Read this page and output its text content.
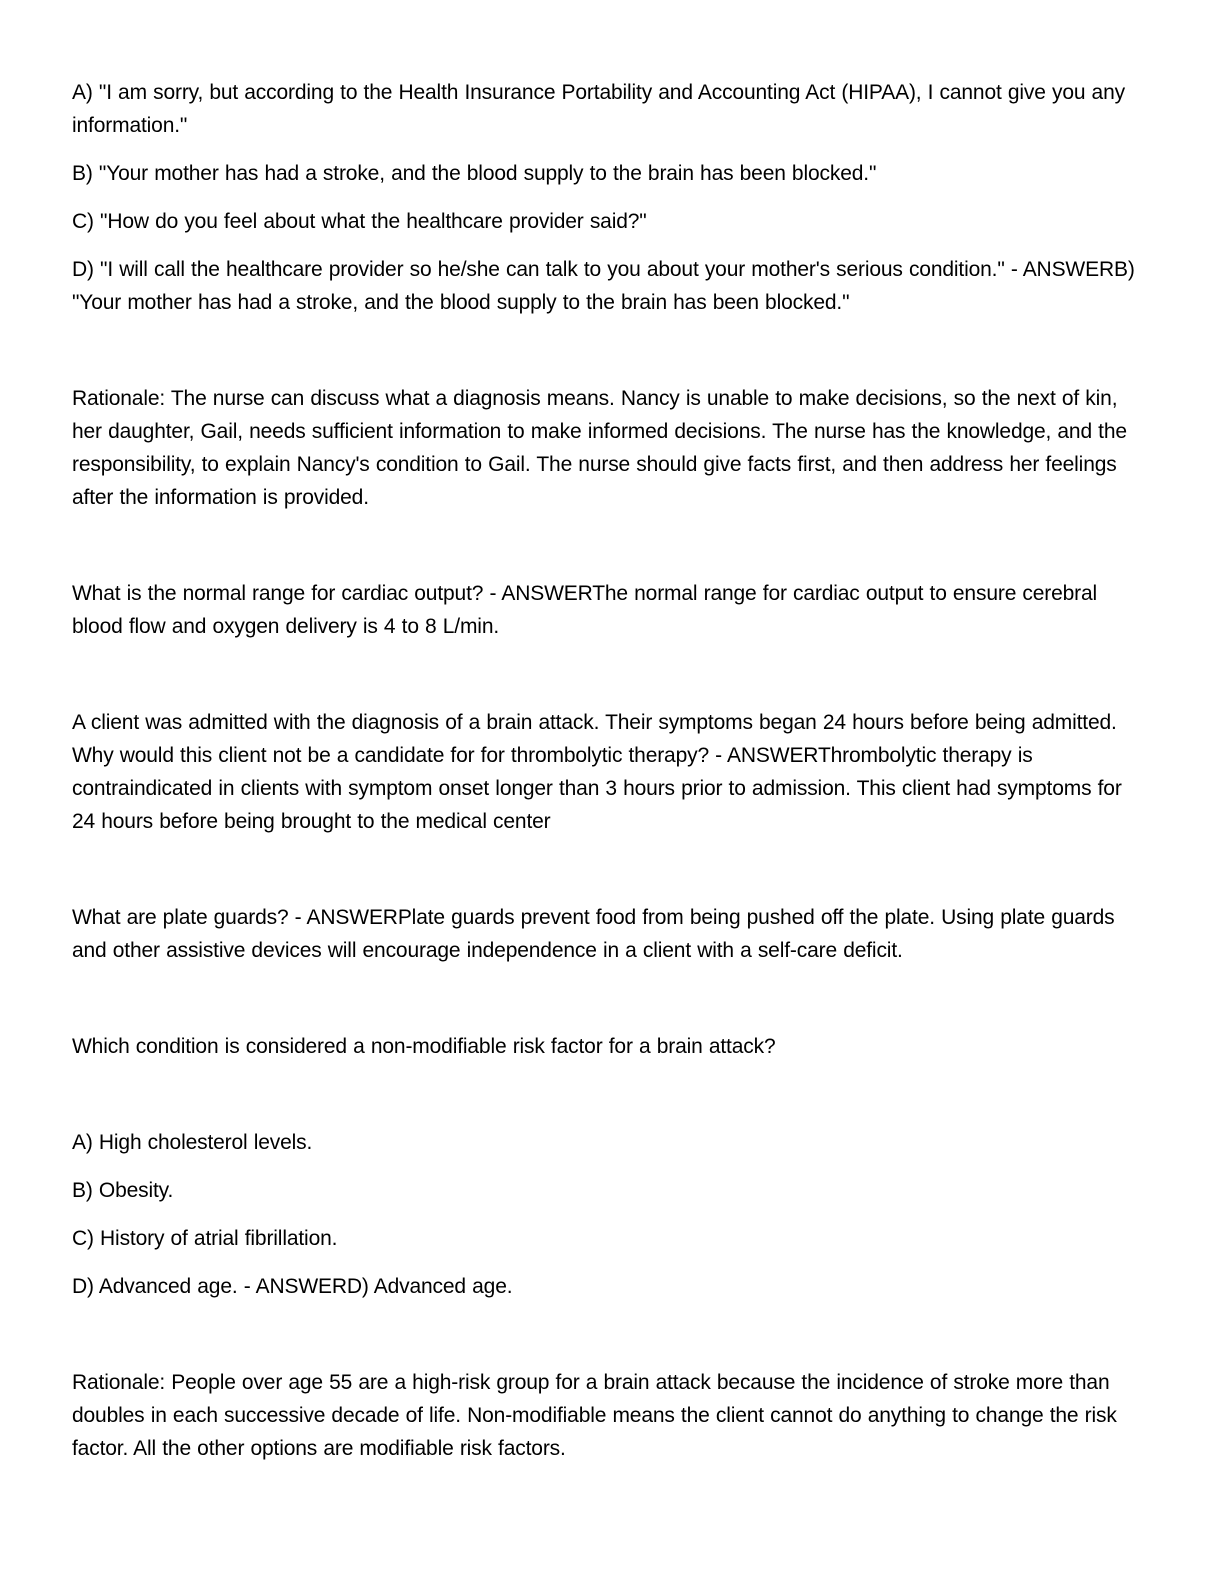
A) "I am sorry, but according to the Health Insurance Portability and Accounting Act (HIPAA), I cannot give you any information."

B) "Your mother has had a stroke, and the blood supply to the brain has been blocked."

C) "How do you feel about what the healthcare provider said?"

D) "I will call the healthcare provider so he/she can talk to you about your mother's serious condition." - ANSWERB) "Your mother has had a stroke, and the blood supply to the brain has been blocked."

Rationale: The nurse can discuss what a diagnosis means. Nancy is unable to make decisions, so the next of kin, her daughter, Gail, needs sufficient information to make informed decisions. The nurse has the knowledge, and the responsibility, to explain Nancy's condition to Gail. The nurse should give facts first, and then address her feelings after the information is provided.

What is the normal range for cardiac output? - ANSWERThe normal range for cardiac output to ensure cerebral blood flow and oxygen delivery is 4 to 8 L/min.

A client was admitted with the diagnosis of a brain attack. Their symptoms began 24 hours before being admitted. Why would this client not be a candidate for for thrombolytic therapy? - ANSWERThrombolytic therapy is contraindicated in clients with symptom onset longer than 3 hours prior to admission. This client had symptoms for 24 hours before being brought to the medical center

What are plate guards? - ANSWERPlate guards prevent food from being pushed off the plate. Using plate guards and other assistive devices will encourage independence in a client with a self-care deficit.

Which condition is considered a non-modifiable risk factor for a brain attack?

A) High cholesterol levels.

B) Obesity.

C) History of atrial fibrillation.

D) Advanced age. - ANSWERD) Advanced age.

Rationale: People over age 55 are a high-risk group for a brain attack because the incidence of stroke more than doubles in each successive decade of life. Non-modifiable means the client cannot do anything to change the risk factor. All the other options are modifiable risk factors.
